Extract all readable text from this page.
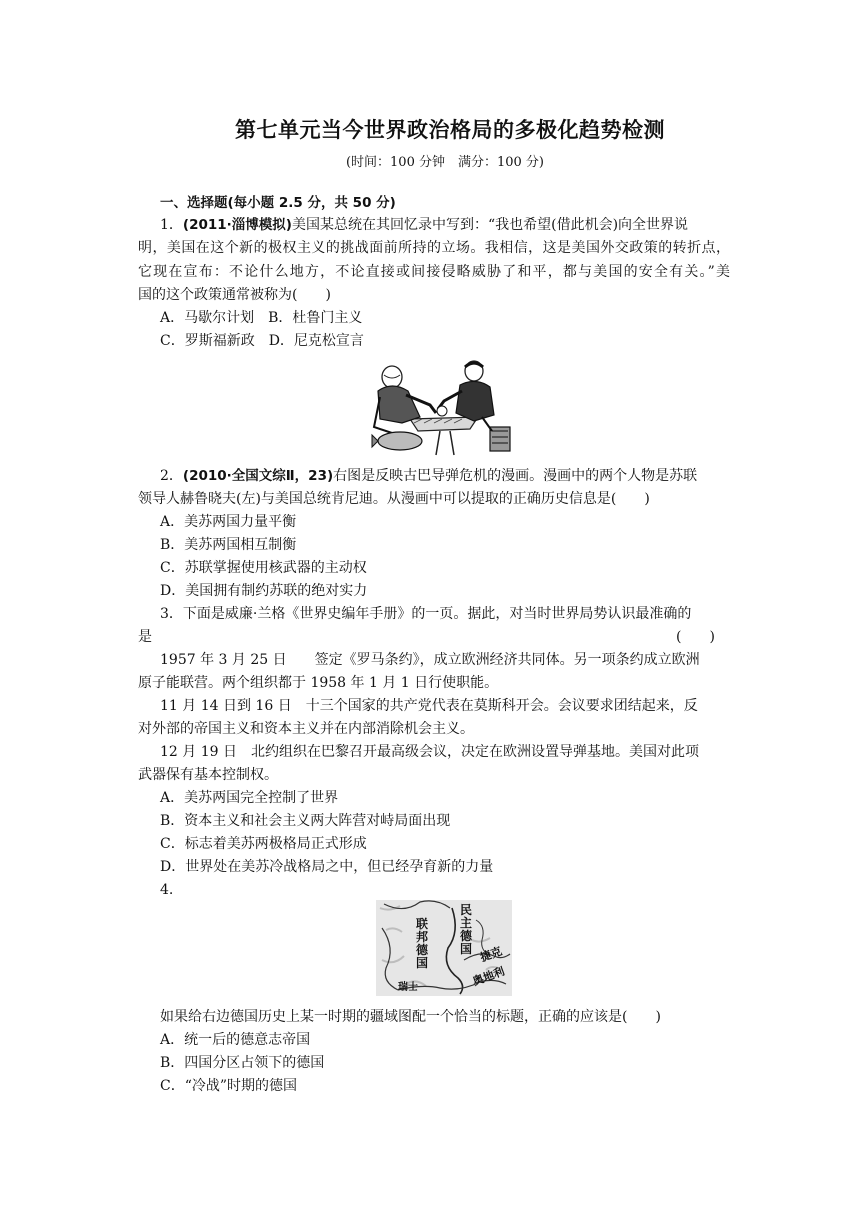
第七单元当今世界政治格局的多极化趋势检测
(时间：100 分钟　满分：100 分)
一、选择题(每小题 2.5 分，共 50 分)
1．(2011·淄博模拟)美国某总统在其回忆录中写到：“我也希望(借此机会)向全世界说
明，美国在这个新的极权主义的挑战面前所持的立场。我相信，这是美国外交政策的转折点，
它现在宣布：不论什么地方，不论直接或间接侵略威胁了和平，都与美国的安全有关。”美
国的这个政策通常被称为(　　)
A．马歇尔计划　B．杜鲁门主义
C．罗斯福新政　D．尼克松宣言
2．(2010·全国文综Ⅱ，23)右图是反映古巴导弹危机的漫画。漫画中的两个人物是苏联
领导人赫鲁晓夫(左)与美国总统肯尼迪。从漫画中可以提取的正确历史信息是(　　)
A．美苏两国力量平衡
B．美苏两国相互制衡
C．苏联掌握使用核武器的主动权
D．美国拥有制约苏联的绝对实力
3．下面是威廉·兰格《世界史编年手册》的一页。据此，对当时世界局势认识最准确的
是	(　　)
1957 年 3 月 25 日　　签定《罗马条约》，成立欧洲经济共同体。另一项条约成立欧洲
原子能联营。两个组织都于 1958 年 1 月 1 日行使职能。
11 月 14 日到 16 日　十三个国家的共产党代表在莫斯科开会。会议要求团结起来，反
对外部的帝国主义和资本主义并在内部消除机会主义。
12 月 19 日　北约组织在巴黎召开最高级会议，决定在欧洲设置导弹基地。美国对此项
武器保有基本控制权。
A．美苏两国完全控制了世界
B．资本主义和社会主义两大阵营对峙局面出现
C．标志着美苏两极格局正式形成
D．世界处在美苏冷战格局之中，但已经孕育新的力量
4.
联邦德国
民主德国 捷克
奥地利
瑞士
如果给右边德国历史上某一时期的疆域图配一个恰当的标题，正确的应该是(　　)
A．统一后的德意志帝国
B．四国分区占领下的德国
C．“冷战”时期的德国
